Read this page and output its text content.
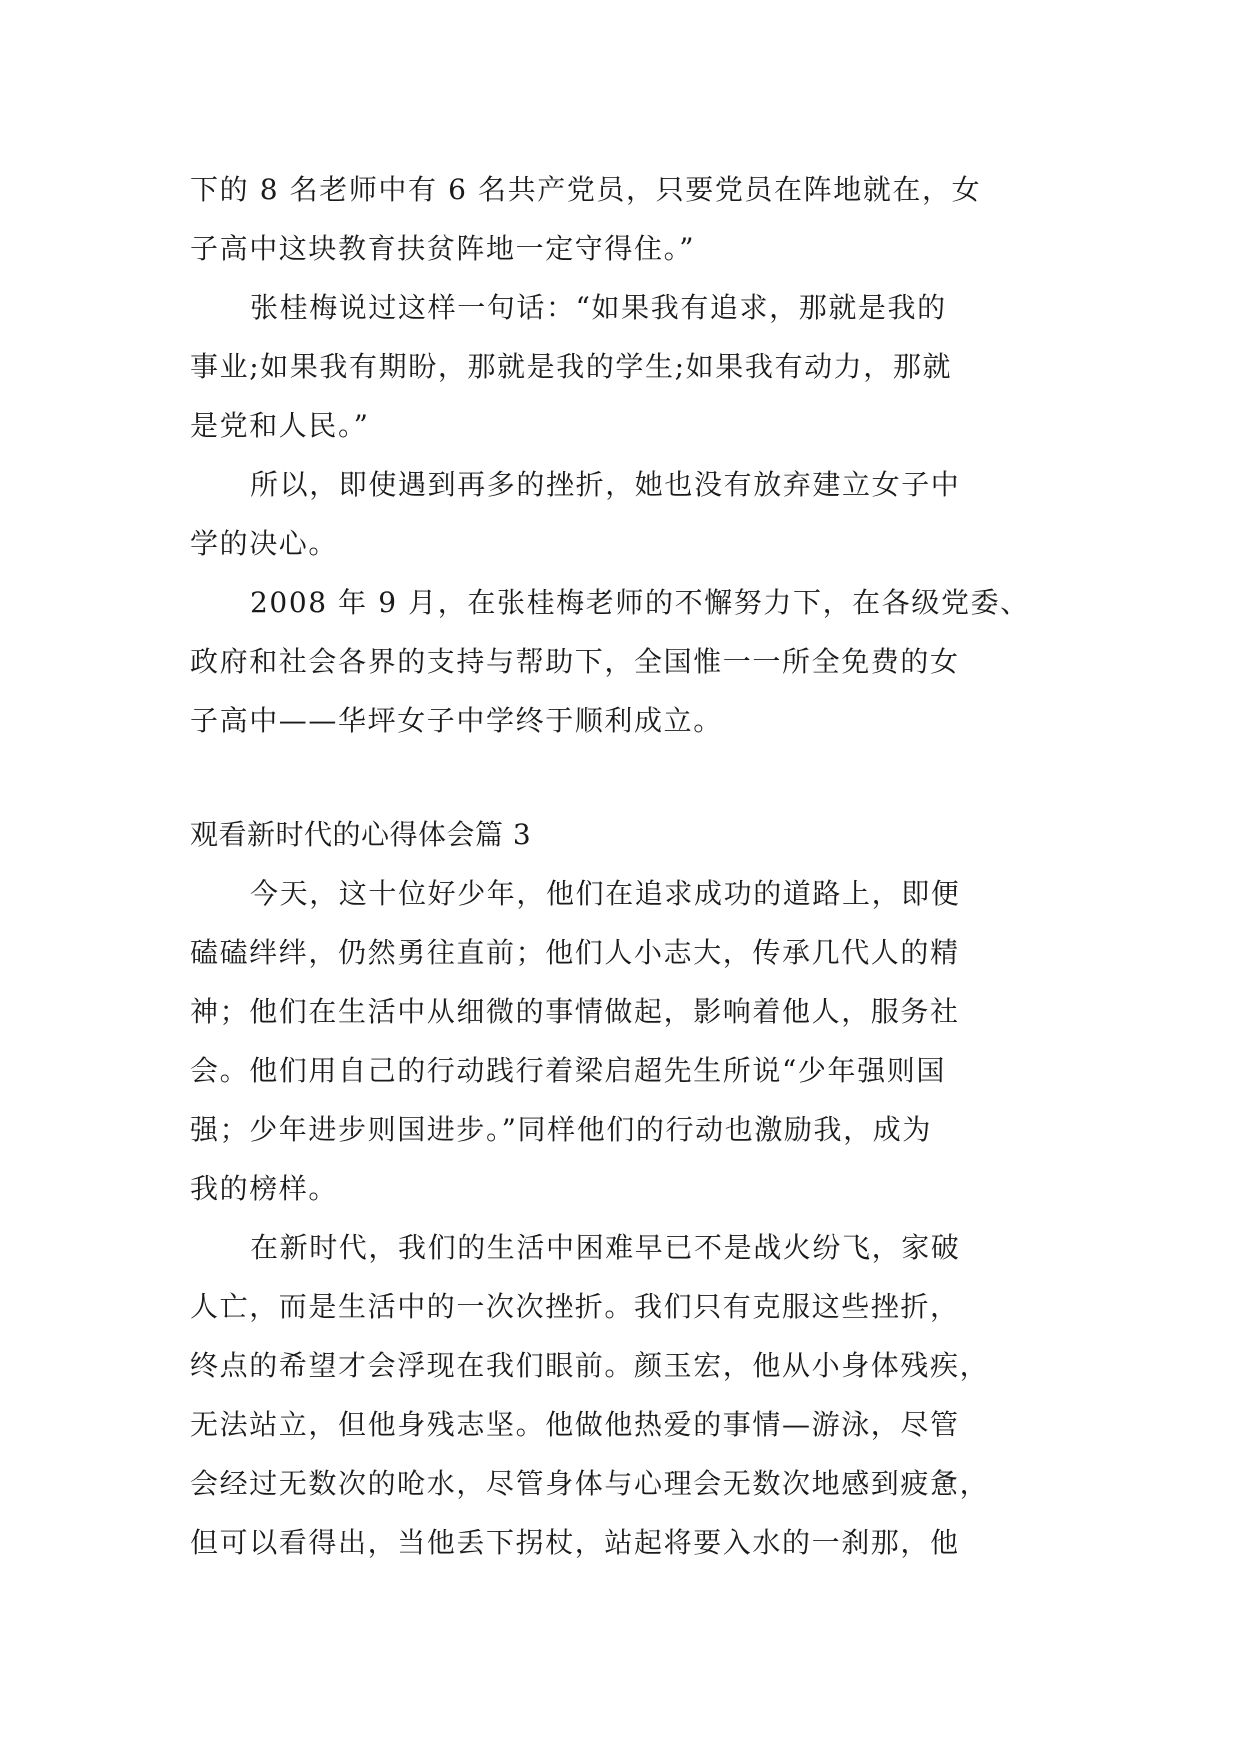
下的 8 名老师中有 6 名共产党员，只要党员在阵地就在，女
子高中这块教育扶贫阵地一定守得住。”
张桂梅说过这样一句话：“如果我有追求，那就是我的
事业;如果我有期盼，那就是我的学生;如果我有动力，那就
是党和人民。”
所以，即使遇到再多的挫折，她也没有放弃建立女子中
学的决心。
2008 年 9 月，在张桂梅老师的不懈努力下，在各级党委、
政府和社会各界的支持与帮助下，全国惟一一所全免费的女
子高中——华坪女子中学终于顺利成立。
观看新时代的心得体会篇 3
今天，这十位好少年，他们在追求成功的道路上，即便
磕磕绊绊，仍然勇往直前；他们人小志大，传承几代人的精
神；他们在生活中从细微的事情做起，影响着他人，服务社
会。他们用自己的行动践行着梁启超先生所说“少年强则国
强；少年进步则国进步。”同样他们的行动也激励我，成为
我的榜样。
在新时代，我们的生活中困难早已不是战火纷飞，家破
人亡，而是生活中的一次次挫折。我们只有克服这些挫折，
终点的希望才会浮现在我们眼前。颜玉宏，他从小身体残疾，
无法站立，但他身残志坚。他做他热爱的事情—游泳，尽管
会经过无数次的呛水，尽管身体与心理会无数次地感到疲惫，
但可以看得出，当他丢下拐杖，站起将要入水的一刹那，他
